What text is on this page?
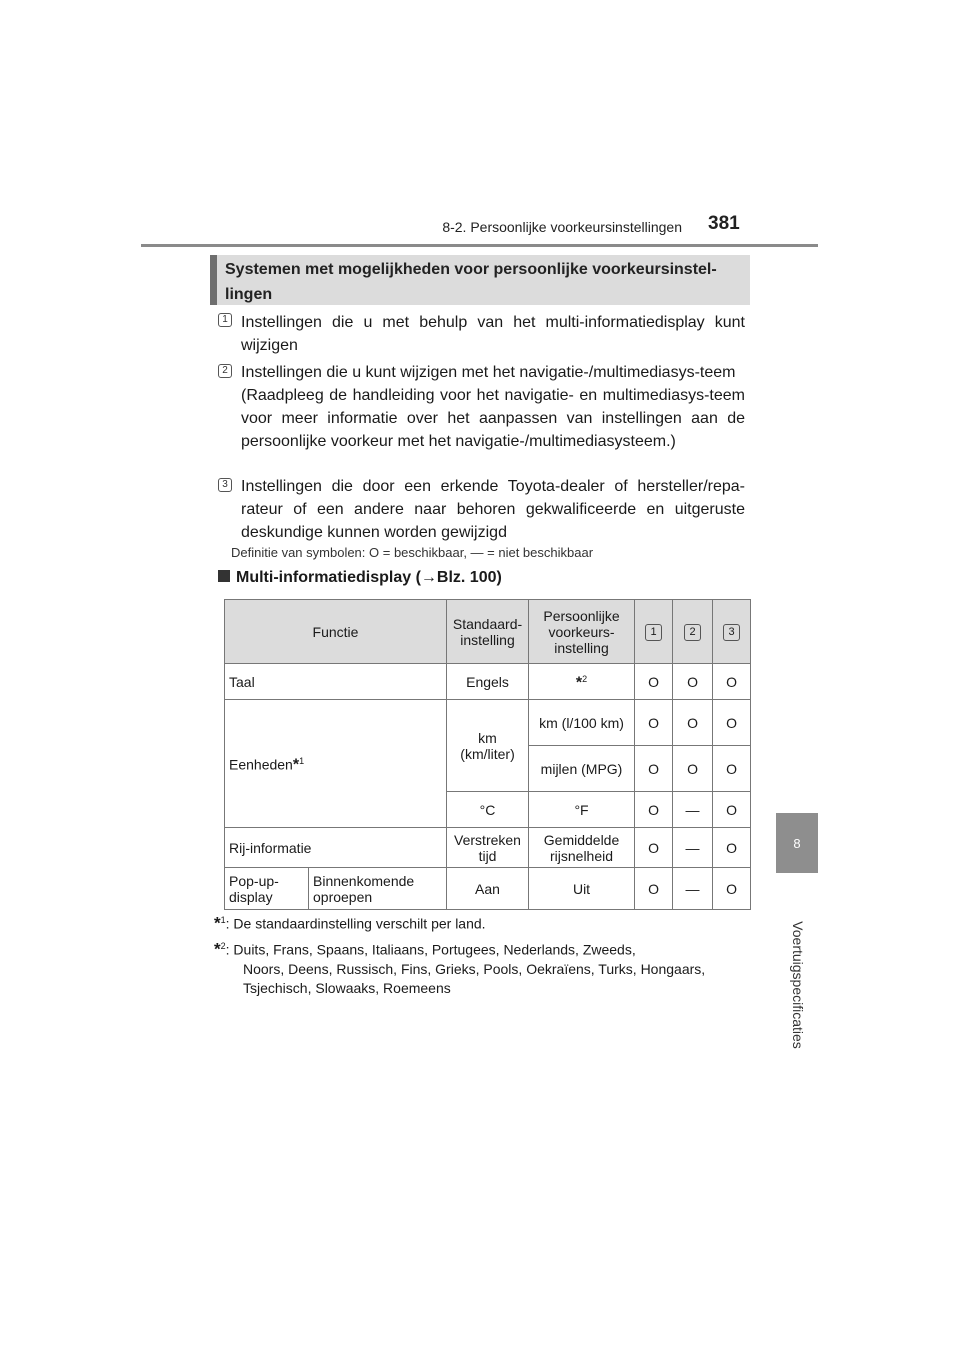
8-2. Persoonlijke voorkeursinstellingen 381
8
Voertuigspecificaties
Systemen met mogelijkheden voor persoonlijke voorkeursinstel-
lingen
1 Instellingen die u met behulp van het multi-informatiedisplay kunt wijzigen
2 Instellingen die u kunt wijzigen met het navigatie-/multimediasys-teem
(Raadpleeg de handleiding voor het navigatie- en multimediasys-teem voor meer informatie over het aanpassen van instellingen aan de persoonlijke voorkeur met het navigatie-/multimediasysteem.)
3 Instellingen die door een erkende Toyota-dealer of hersteller/repa-rateur of een andere naar behoren gekwalificeerde en uitgeruste deskundige kunnen worden gewijzigd
Definitie van symbolen: O = beschikbaar, — = niet beschikbaar
Multi-informatiedisplay (→Blz. 100)
Functie		Standaard-instelling	Persoonlijke voorkeurs-instelling	1	2	3
Taal		Engels	*$^2$	O	O	O
Eenheden*$^1$		km (km/liter)	km (l/100 km)	O	O	O
			mijlen (MPG)	O	O	O
		°C	°F	O	—	O
Rij-informatie		Verstreken tijd	Gemiddelde rijsnelheid	O	—	O
Pop-up-display	Binnenkomende oproepen	Aan	Uit	O	—	O
*$^1$: De standaardinstelling verschilt per land.
*$^2$: Duits, Frans, Spaans, Italiaans, Portugees, Nederlands, Zweeds,
Noors, Deens, Russisch, Fins, Grieks, Pools, Oekraïens, Turks, Hongaars, Tsjechisch, Slowaaks, Roemeens
